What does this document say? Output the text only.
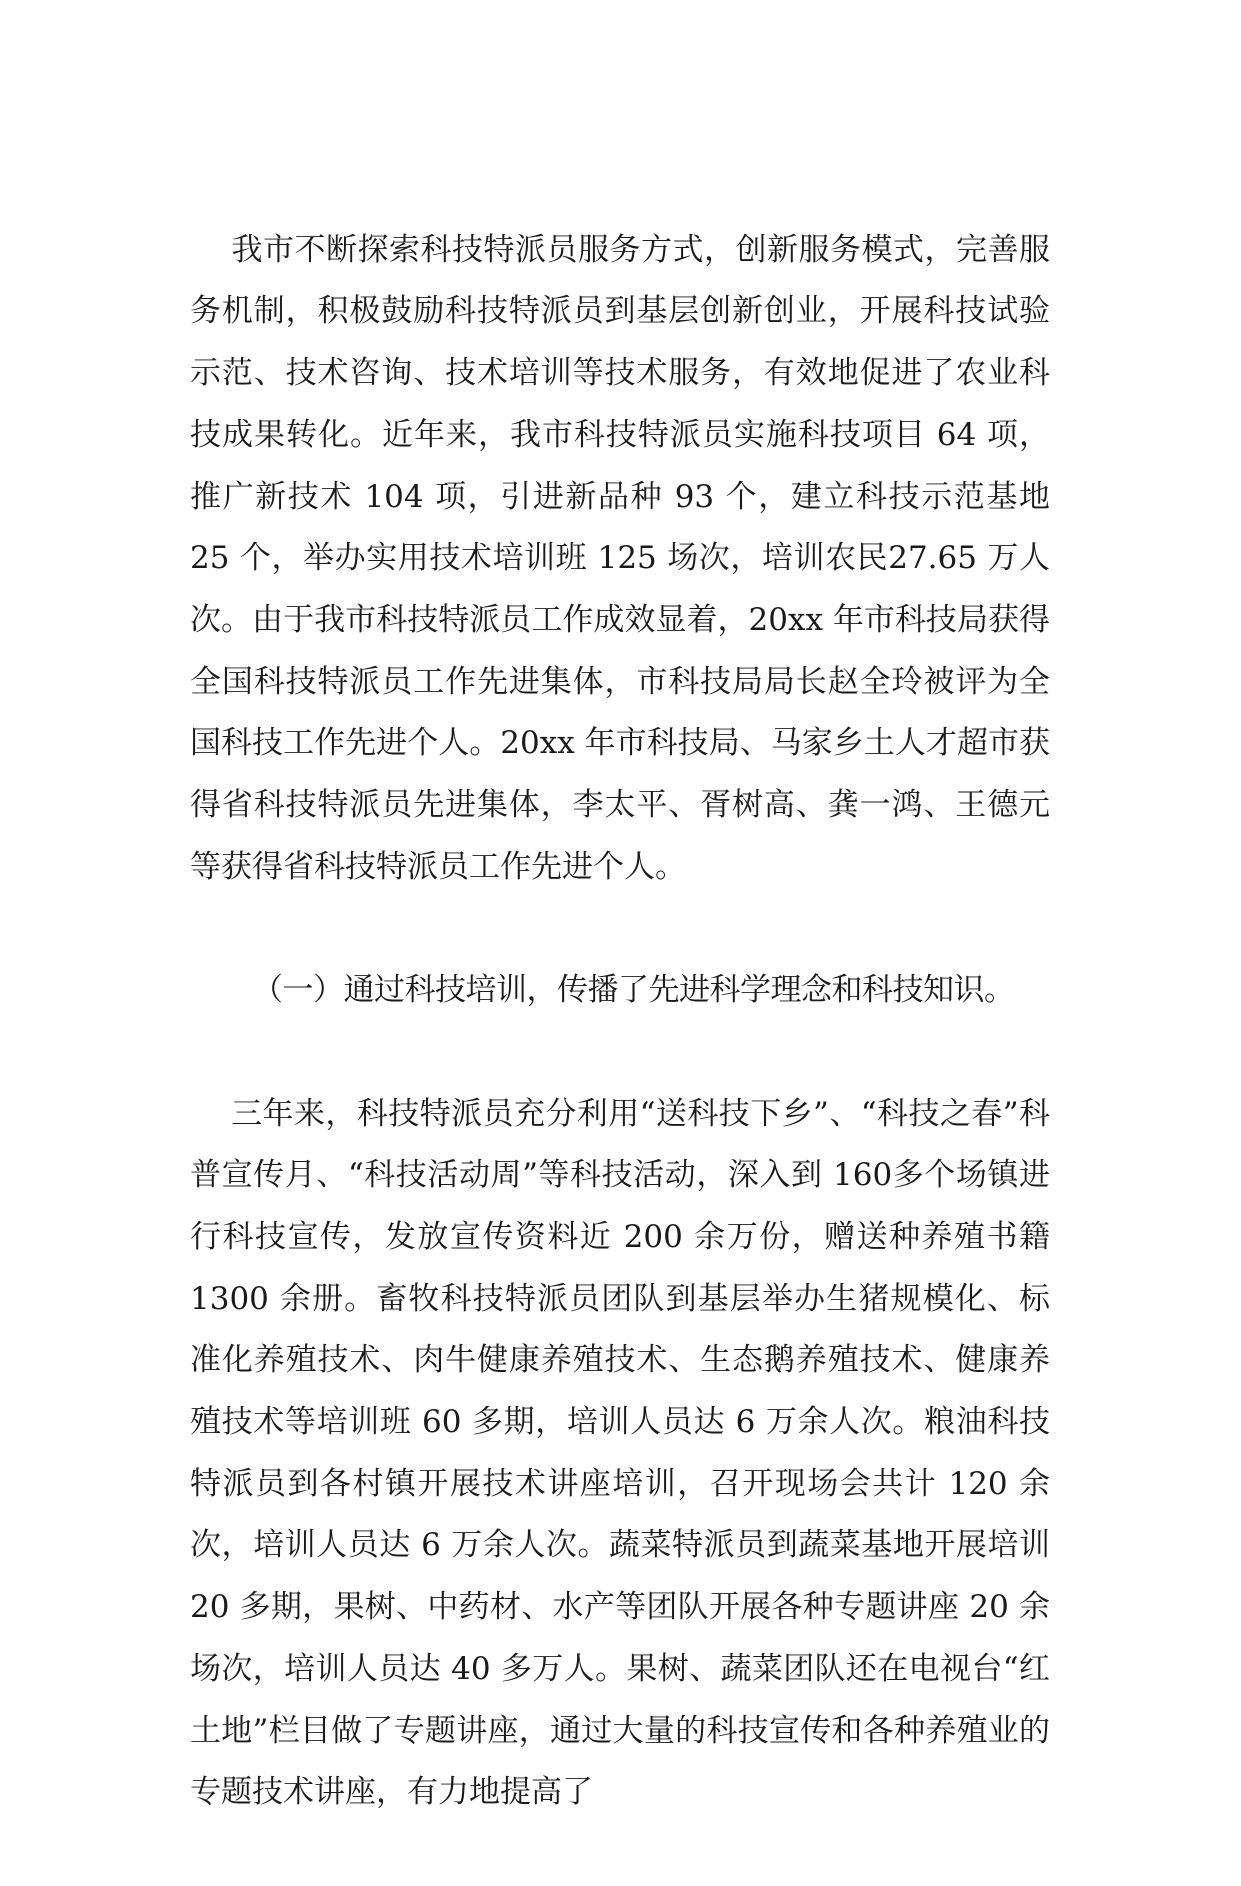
我市不断探索科技特派员服务方式，创新服务模式，完善服务机制，积极鼓励科技特派员到基层创新创业，开展科技试验示范、技术咨询、技术培训等技术服务，有效地促进了农业科技成果转化。近年来，我市科技特派员实施科技项目 64 项，推广新技术 104 项，引进新品种 93 个，建立科技示范基地 25 个，举办实用技术培训班 125 场次，培训农民27.65 万人次。由于我市科技特派员工作成效显着，20xx 年市科技局获得全国科技特派员工作先进集体，市科技局局长赵全玲被评为全国科技工作先进个人。20xx 年市科技局、马家乡土人才超市获得省科技特派员先进集体，李太平、胥树高、龚一鸿、王德元等获得省科技特派员工作先进个人。

（一）通过科技培训，传播了先进科学理念和科技知识。

三年来，科技特派员充分利用“送科技下乡”、“科技之春”科普宣传月、“科技活动周”等科技活动，深入到 160多个场镇进行科技宣传，发放宣传资料近 200 余万份，赠送种养殖书籍 1300 余册。畜牧科技特派员团队到基层举办生猪规模化、标准化养殖技术、肉牛健康养殖技术、生态鹅养殖技术、健康养殖技术等培训班 60 多期，培训人员达 6 万余人次。粮油科技特派员到各村镇开展技术讲座培训，召开现场会共计 120 余次，培训人员达 6 万余人次。蔬菜特派员到蔬菜基地开展培训 20 多期，果树、中药材、水产等团队开展各种专题讲座 20 余场次，培训人员达 40 多万人。果树、蔬菜团队还在电视台“红土地”栏目做了专题讲座，通过大量的科技宣传和各种养殖业的专题技术讲座，有力地提高了
